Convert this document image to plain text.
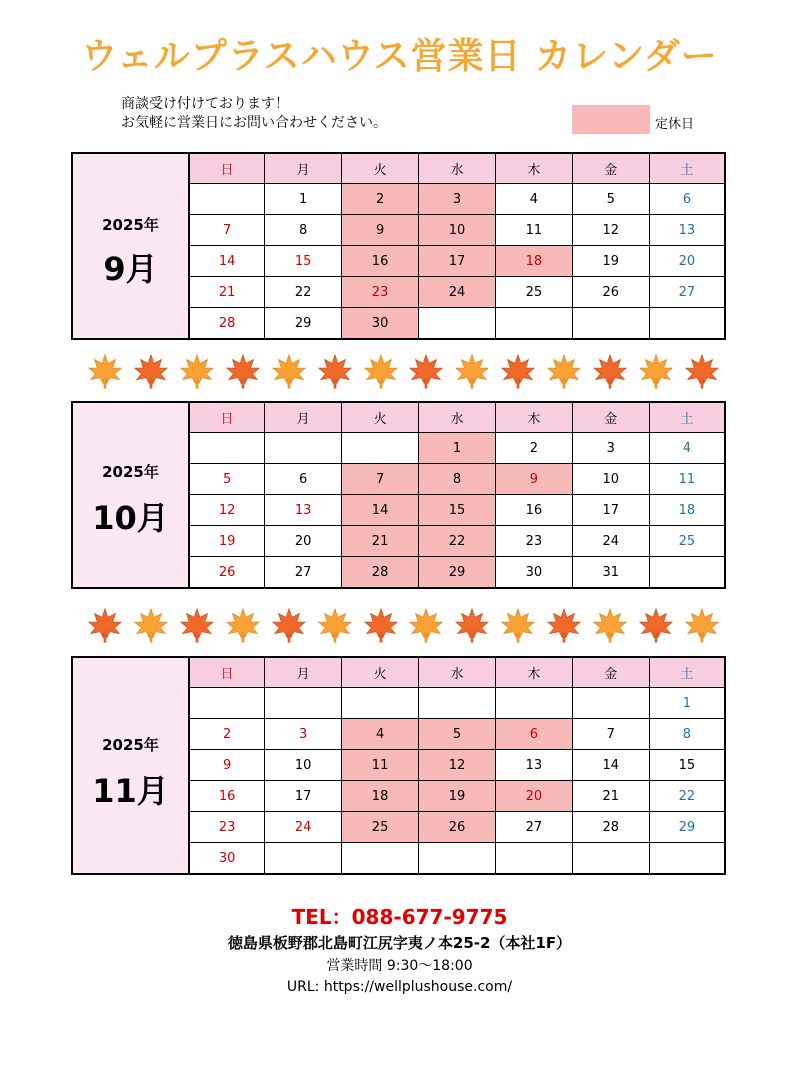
ウェルプラスハウス営業日 カレンダー
商談受け付けております！
お気軽に営業日にお問い合わせください。	定休日
2025年
9月
日	月	火	水	木	金	土
	1	2	3	4	5	6
7	8	9	10	11	12	13
14	15	16	17	18	19	20
21	22	23	24	25	26	27
28	29	30				
2025年
10月
日	月	火	水	木	金	土
			1	2	3	4
5	6	7	8	9	10	11
12	13	14	15	16	17	18
19	20	21	22	23	24	25
26	27	28	29	30	31	
2025年
11月
日	月	火	水	木	金	土
						1
2	3	4	5	6	7	8
9	10	11	12	13	14	15
16	17	18	19	20	21	22
23	24	25	26	27	28	29
30						
TEL：088-677-9775
徳島県板野郡北島町江尻字夷ノ本25-2（本社1F）
営業時間 9:30～18:00
URL: https://wellplushouse.com/
